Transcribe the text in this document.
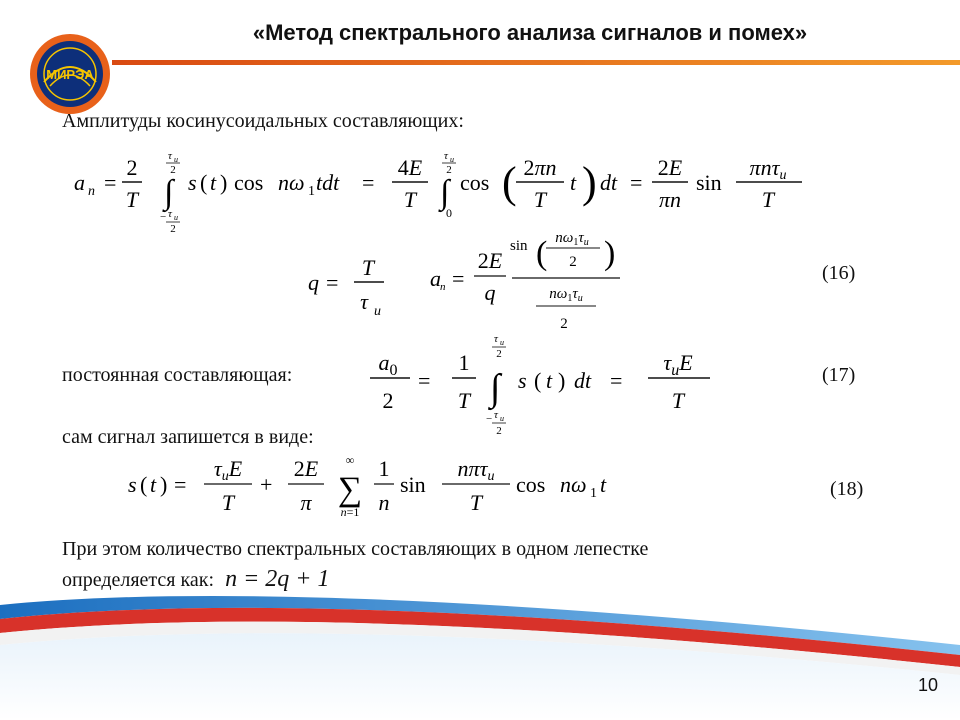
МИРЭА
«Метод спектрального анализа сигналов и помех»
Амплитуды косинусоидальных составляющих:
a n =
2
T
τ и
2
∫
− τ и
2
s ( t ) cos nω 1 tdt =
4E
T
τ и
2
∫
0
cos ( 2πn
T
t ) dt =
2E
πn
sin
πnτи
T
q =
T
τ и
a n =
2E
q
sin ( $n\omega_1\tau_и$
2 )
$n\omega_1\tau_и$
2
(16)
постоянная составляющая:	$a_0$
2
=
1
T
τ и
2
∫
− τ и
2
s ( t ) dt =
$\tau_иE$
T
(17)
сам сигнал запишется в виде:
s ( t ) =
τиE
T
+
2E
π
∞
∑
n=1
1
n
sin
nπτи
T
cos nω 1 t	(18)
При этом количество спектральных составляющих в одном лепестке
определяется как: n = 2q + 1
10
